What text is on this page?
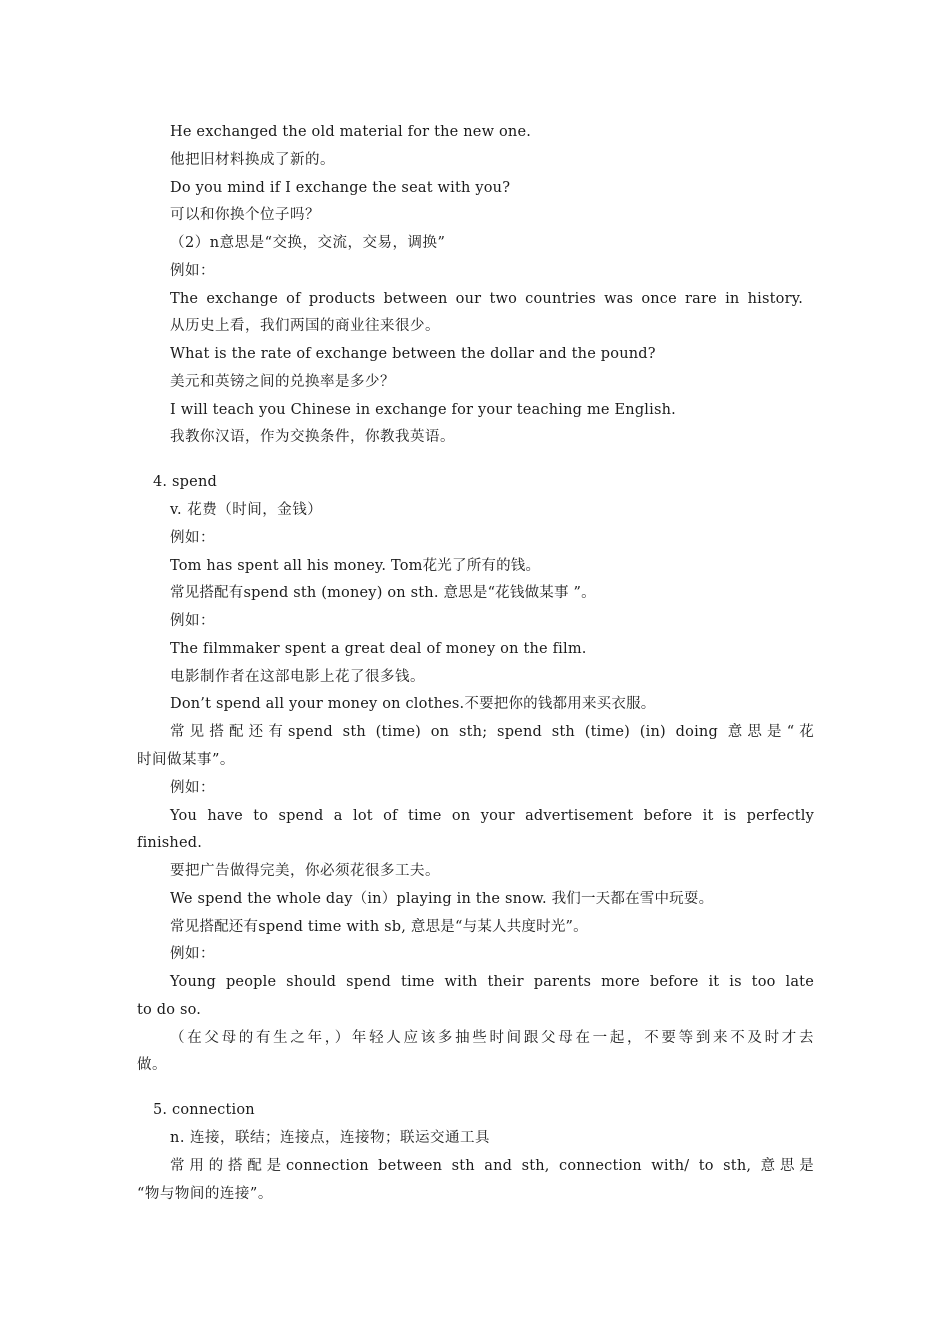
He exchanged the old material for the new one.
他把旧材料换成了新的。
Do you mind if I exchange the seat with you?
可以和你换个位子吗？
（2）n意思是“交换，交流，交易，调换”
例如：
The exchange of products between our two countries was once rare in history.
从历史上看，我们两国的商业往来很少。
What is the rate of exchange between the dollar and the pound?
美元和英镑之间的兑换率是多少？
I will teach you Chinese in exchange for your teaching me English.
我教你汉语，作为交换条件，你教我英语。
4. spend
v. 花费（时间，金钱）
例如：
Tom has spent all his money. Tom花光了所有的钱。
常见搭配有spend sth (money) on sth. 意思是“花钱做某事 ”。
例如：
The filmmaker spent a great deal of money on the film.
电影制作者在这部电影上花了很多钱。
Don’t spend all your money on clothes.不要把你的钱都用来买衣服。
常见搭配还有spend sth (time) on sth; spend sth (time) (in) doing 意思是“花
时间做某事”。
例如：
You have to spend a lot of time on your advertisement before it is perfectly
finished.
要把广告做得完美，你必须花很多工夫。
We spend the whole day（in）playing in the snow. 我们一天都在雪中玩耍。
常见搭配还有spend time with sb, 意思是“与某人共度时光”。
例如：
Young people should spend time with their parents more before it is too late
to do so.
（在父母的有生之年，）年轻人应该多抽些时间跟父母在一起，不要等到来不及时才去
做。
5. connection
n. 连接，联结；连接点，连接物；联运交通工具
常用的搭配是connection between sth and sth, connection with/ to sth, 意思是
“物与物间的连接”。
